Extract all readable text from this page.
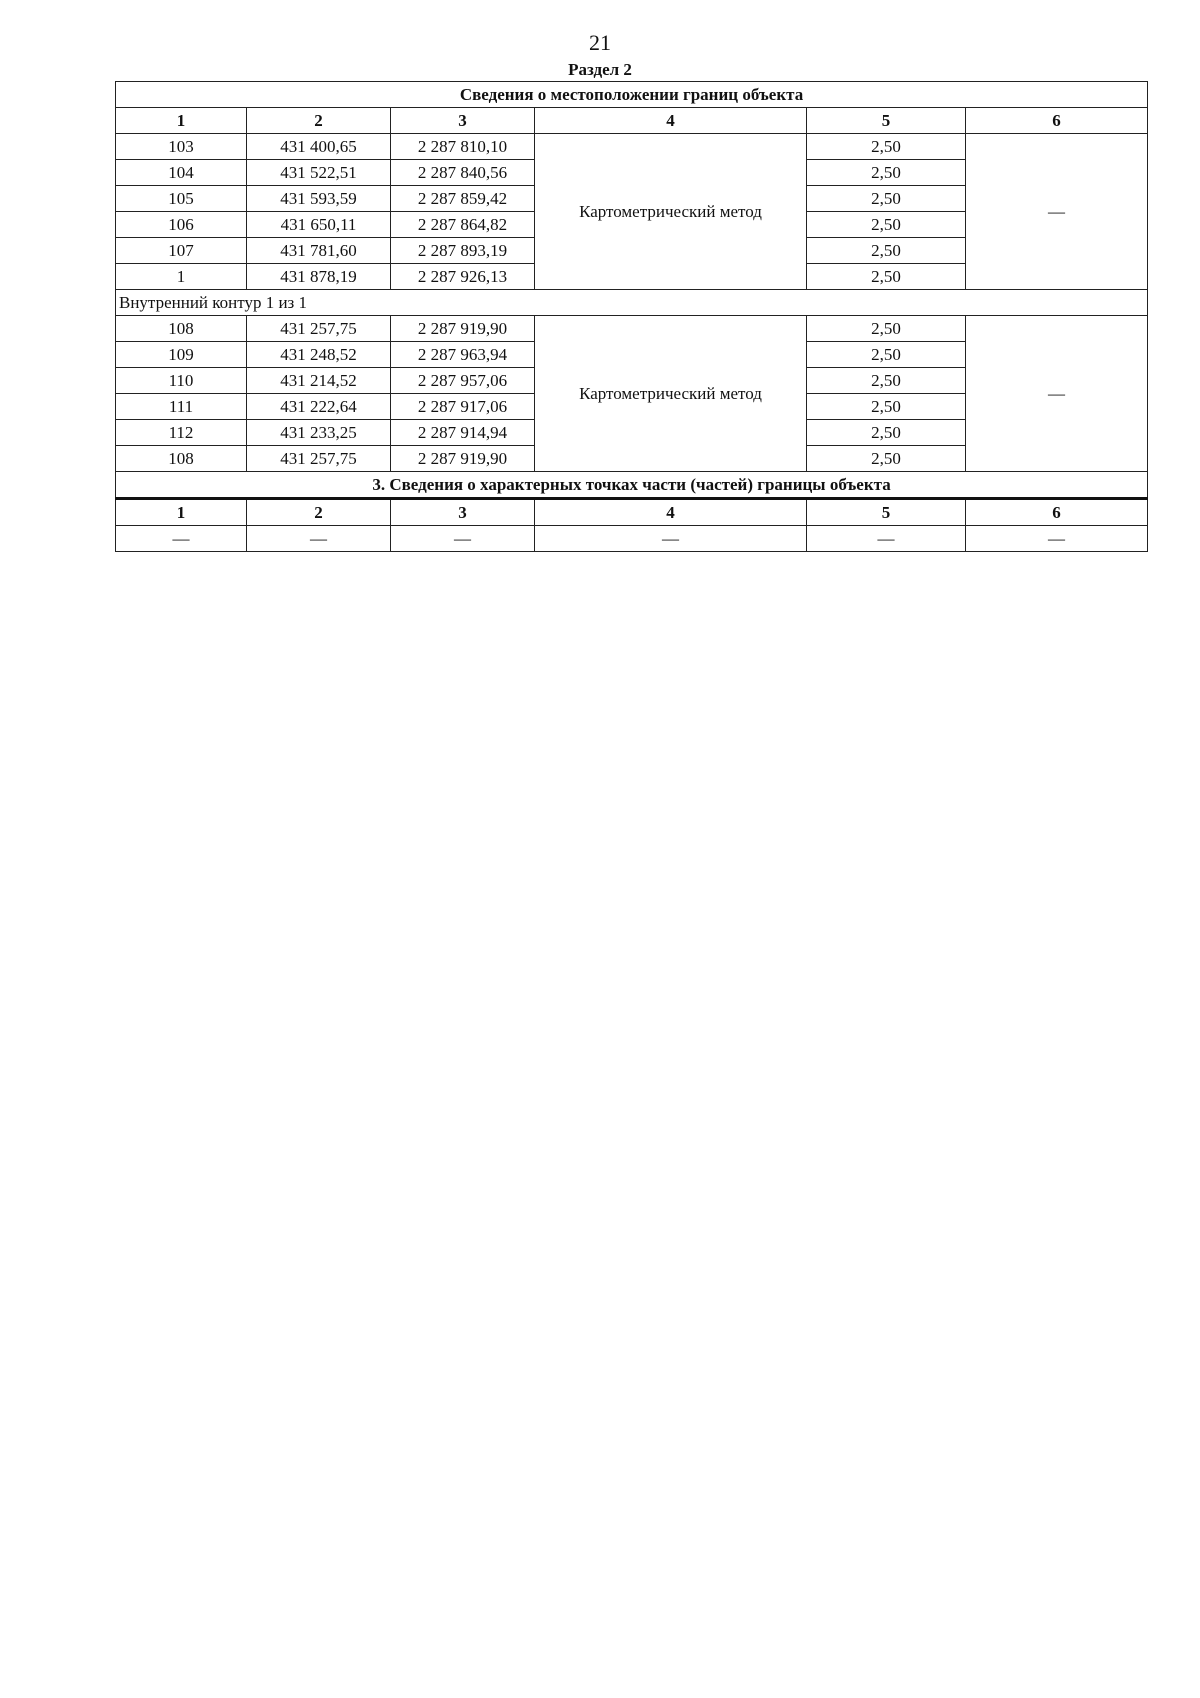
21
Раздел 2
Сведения о местоположении границ объекта					
1	2	3	4	5	6
103	431 400,65	2 287 810,10	Картометрический метод	2,50	—
104	431 522,51	2 287 840,56		2,50	
105	431 593,59	2 287 859,42		2,50	
106	431 650,11	2 287 864,82		2,50	
107	431 781,60	2 287 893,19		2,50	
1	431 878,19	2 287 926,13		2,50	
Внутренний контур 1 из 1					
108	431 257,75	2 287 919,90	Картометрический метод	2,50	—
109	431 248,52	2 287 963,94		2,50	
110	431 214,52	2 287 957,06		2,50	
111	431 222,64	2 287 917,06		2,50	
112	431 233,25	2 287 914,94		2,50	
108	431 257,75	2 287 919,90		2,50	
3. Сведения о характерных точках части (частей) границы объекта					
1	2	3	4	5	6
—	—	—	—	—	—
